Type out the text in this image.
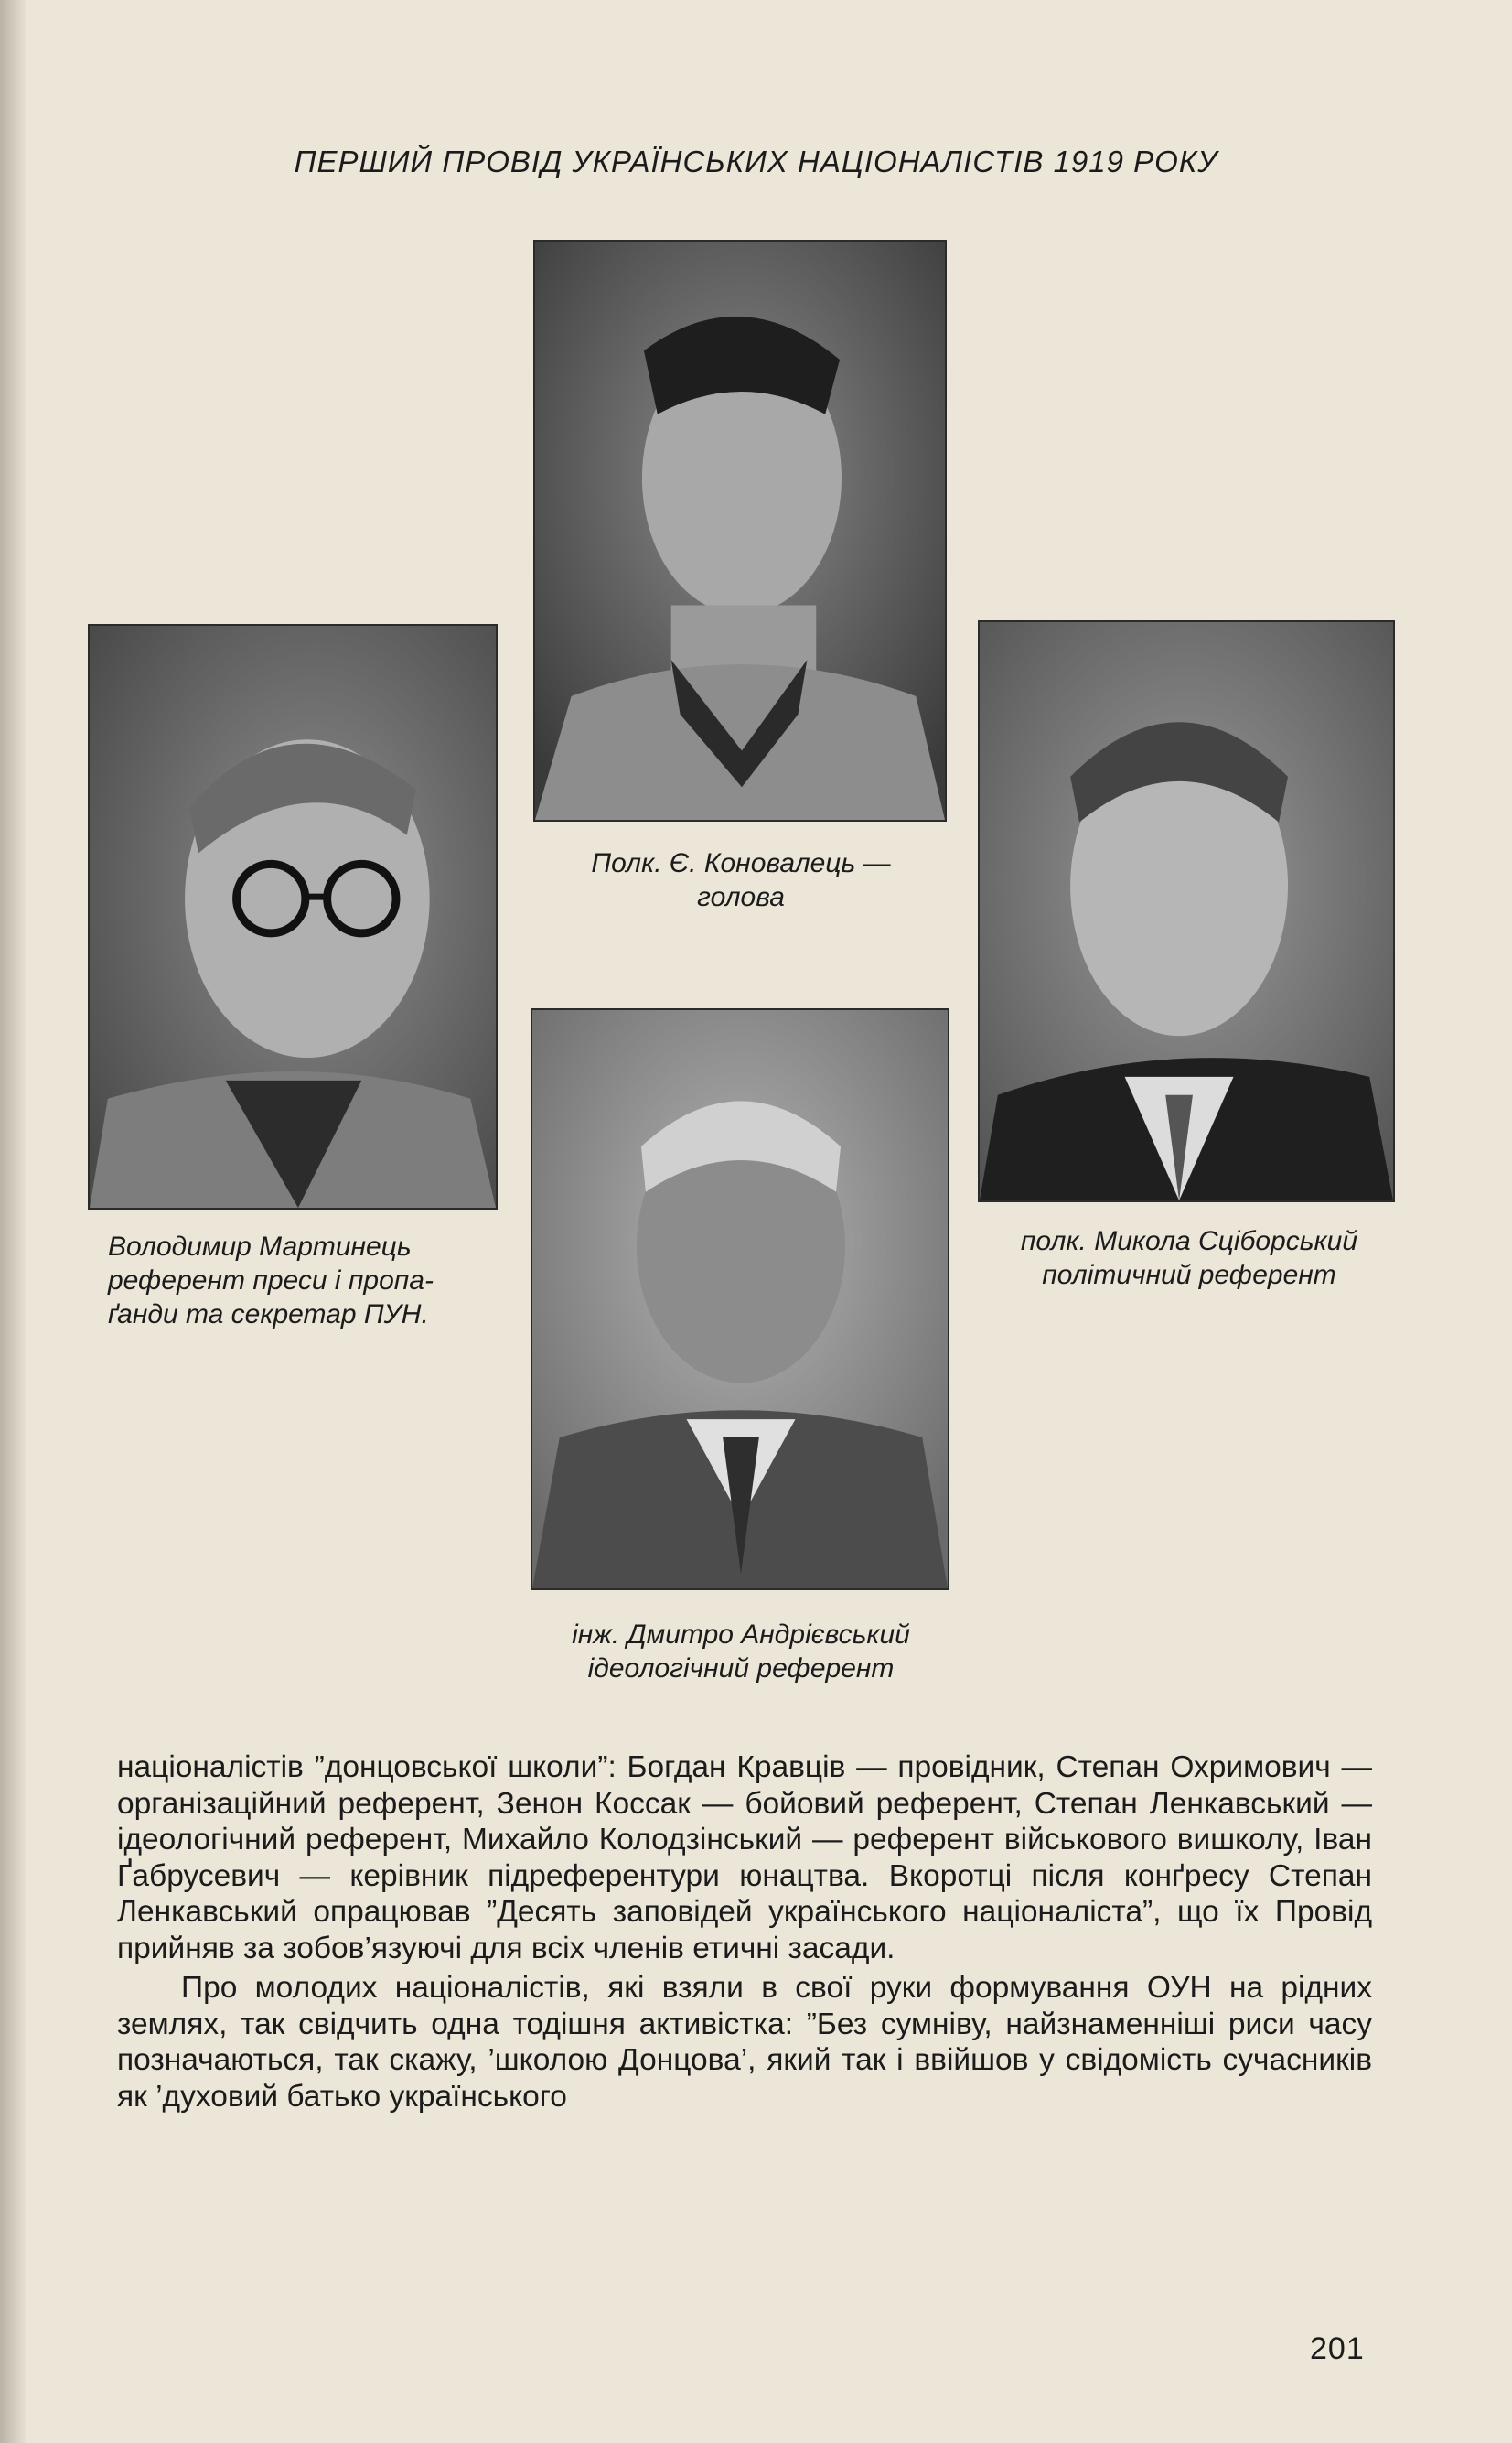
ПЕРШИЙ ПРОВІД УКРАЇНСЬКИХ НАЦІОНАЛІСТІВ 1919 РОКУ
Полк. Є. Коновалець —
голова
Володимир Мартинець
референт преси і пропа-
ґанди та секретар ПУН.
полк. Микола Сціборський
політичний референт
інж. Дмитро Андрієвський
ідеологічний референт

націоналістів ”донцовської школи”: Богдан Кравців — провідник, Степан Охримович — організаційний референт, Зенон Коссак — бойовий референт, Степан Ленкавський — ідеологічний референт, Михайло Колодзінський — референт військового вишколу, Іван Ґабрусевич — керівник підреферентури юнацтва. Вкоротці після конґресу Степан Ленкавський опрацював ”Десять заповідей українського націоналіста”, що їх Провід прийняв за зобов’язуючі для всіх членів етичні засади.

Про молодих націоналістів, які взяли в свої руки формування ОУН на рідних землях, так свідчить одна тодішня активістка: ”Без сумніву, найзнаменніші риси часу позначаються, так скажу, ’школою Донцова’, який так і ввійшов у свідомість сучасників як ’духовий батько українського

201
